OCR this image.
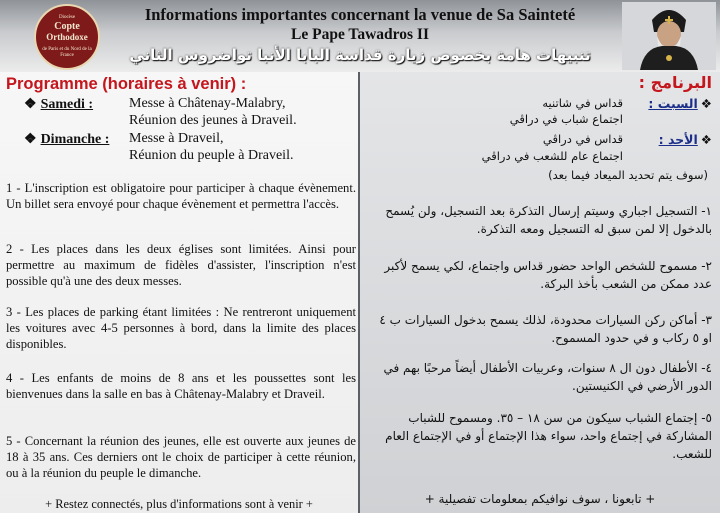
Diocèse
Copte
Orthodoxe
de Paris et du Nord de la France
Informations importantes concernant la venue de Sa Sainteté
Le Pape Tawadros II
تنبيهات هامة بخصوص زيارة قداسة البابا الأنبا تواضروس الثاني
Programme (horaires à venir) :
❖ Samedi :	Messe à Châtenay-Malabry,
Réunion des jeunes à Draveil.
❖ Dimanche : Messe à Draveil,
Réunion du peuple à Draveil.
1 - L'inscription est obligatoire pour participer à chaque évènement. Un billet sera envoyé pour chaque évènement et permettra l'accès.
2 - Les places dans les deux églises sont limitées. Ainsi pour permettre au maximum de fidèles d'assister, l'inscription n'est possible qu'à une des deux messes.
3 - Les places de parking étant limitées : Ne rentreront uniquement les voitures avec 4-5 personnes à bord, dans la limite des places disponibles.
4 - Les enfants de moins de 8 ans et les poussettes sont les bienvenues dans la salle en bas à Châtenay-Malabry et Draveil.
5 - Concernant la réunion des jeunes, elle est ouverte aux jeunes de 18 à 35 ans. Ces derniers ont le choix de participer à cette réunion, ou à la réunion du peuple le dimanche.
+ Restez connectés, plus d'informations sont à venir +
البرنامج :
❖السبت :
قداس في شاتنيه
اجتماع شباب في دراڤي
❖الأحد :
قداس في دراڤي
اجتماع عام للشعب في دراڤي
(سوف يتم تحديد الميعاد فيما بعد)
١- التسجيل اجباري وسيتم إرسال التذكرة بعد التسجيل، ولن يُسمح بالدخول إلا لمن سبق له التسجيل ومعه التذكرة.
٢- مسموح للشخص الواحد حضور قداس واجتماع، لكي يسمح لأكبر عدد ممكن من الشعب بأخذ البركة.
٣- أماكن ركن السيارات محدودة، لذلك يسمح بدخول السيارات ب ٤ او ٥ ركاب و في حدود المسموح.
٤- الأطفال دون ال ٨ سنوات، وعربيات الأطفال أيضاً مرحبًا بهم في الدور الأرضي في الكنيستين.
٥- إجتماع الشباب سيكون من سن ١٨ – ٣٥. ومسموح للشباب المشاركة في إجتماع واحد، سواء هذا الإجتماع أو في الإجتماع العام للشعب.
+ تابعونا ، سوف نوافيكم بمعلومات تفصيلية +
